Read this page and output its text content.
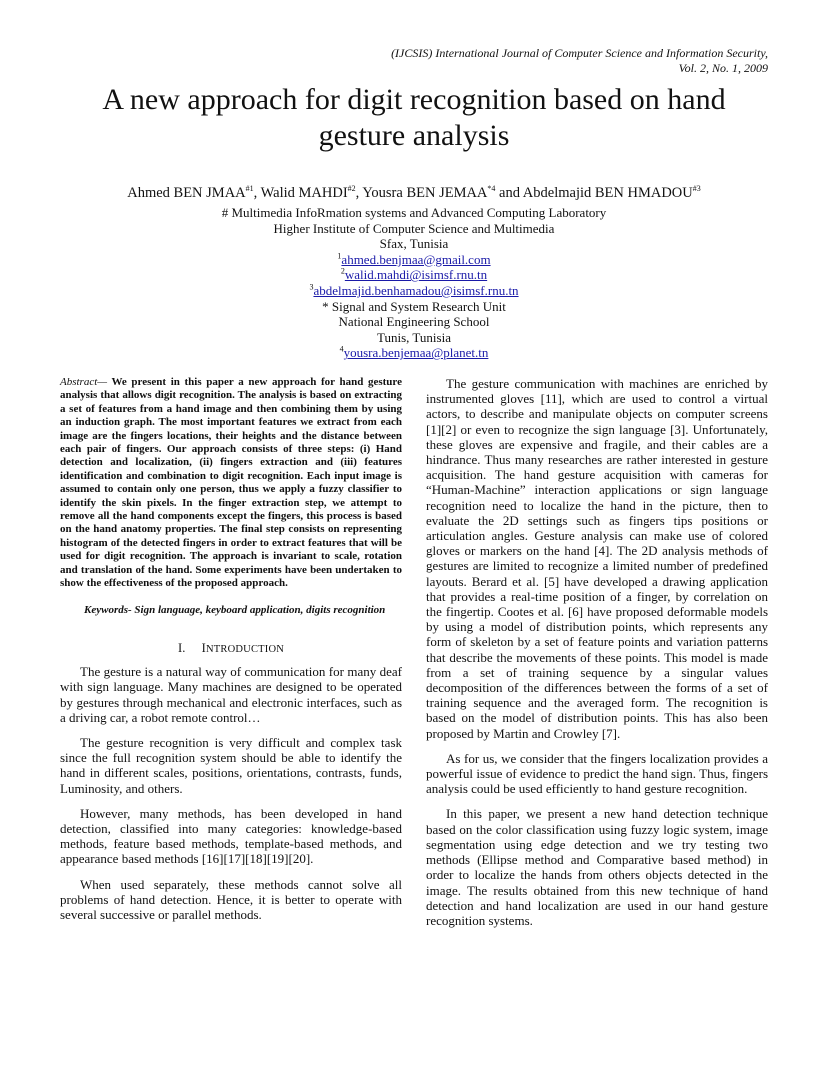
(IJCSIS) International Journal of Computer Science and Information Security,
Vol. 2, No. 1, 2009
A new approach for digit recognition based on hand
gesture analysis
Ahmed BEN JMAA$^{\#1}$, Walid MAHDI$^{\#2}$, Yousra BEN JEMAA$^{*4}$ and Abdelmajid BEN HMADOU$^{\#3}$
# Multimedia InfoRmation systems and Advanced Computing Laboratory
Higher Institute of Computer Science and Multimedia
Sfax, Tunisia
$^1$ahmed.benjmaa@gmail.com
$^2$walid.mahdi@isimsf.rnu.tn
$^3$abdelmajid.benhamadou@isimsf.rnu.tn
* Signal and System Research Unit
National Engineering School
Tunis, Tunisia
$^4$yousra.benjemaa@planet.tn

Abstract— We present in this paper a new approach for hand gesture analysis that allows digit recognition. The analysis is based on extracting a set of features from a hand image and then combining them by using an induction graph. The most important features we extract from each image are the fingers locations, their heights and the distance between each pair of fingers. Our approach consists of three steps: (i) Hand detection and localization, (ii) fingers extraction and (iii) features identification and combination to digit recognition. Each input image is assumed to contain only one person, thus we apply a fuzzy classifier to identify the skin pixels. In the finger extraction step, we attempt to remove all the hand components except the fingers, this process is based on the hand anatomy properties. The final step consists on representing histogram of the detected fingers in order to extract features that will be used for digit recognition. The approach is invariant to scale, rotation and translation of the hand. Some experiments have been undertaken to show the effectiveness of the proposed approach.

Keywords- Sign language, keyboard application, digits recognition

I. INTRODUCTION

The gesture is a natural way of communication for many deaf with sign language. Many machines are designed to be operated by gestures through mechanical and electronic interfaces, such as a driving car, a robot remote control…

The gesture recognition is very difficult and complex task since the full recognition system should be able to identify the hand in different scales, positions, orientations, contrasts, funds, Luminosity, and others.

However, many methods, has been developed in hand detection, classified into many categories: knowledge-based methods, feature based methods, template-based methods, and appearance based methods [16][17][18][19][20].

When used separately, these methods cannot solve all problems of hand detection. Hence, it is better to operate with several successive or parallel methods.

The gesture communication with machines are enriched by instrumented gloves [11], which are used to control a virtual actors, to describe and manipulate objects on computer screens [1][2] or even to recognize the sign language [3]. Unfortunately, these gloves are expensive and fragile, and their cables are a hindrance. Thus many researches are rather interested in gesture acquisition. The hand gesture acquisition with cameras for “Human-Machine” interaction applications or sign language recognition need to localize the hand in the picture, then to evaluate the 2D settings such as fingers tips positions or articulation angles. Gesture analysis can make use of colored gloves or markers on the hand [4]. The 2D analysis methods of gestures are limited to recognize a limited number of predefined layouts. Berard et al. [5] have developed a drawing application that provides a real-time position of a finger, by correlation on the fingertip. Cootes et al. [6] have proposed deformable models by using a model of distribution points, which represents any form of skeleton by a set of feature points and variation patterns that describe the movements of these points. This model is made from a set of training sequence by a singular values decomposition of the differences between the forms of a set of training sequence and the averaged form. The recognition is based on the model of distribution points. This has also been proposed by Martin and Crowley [7].

As for us, we consider that the fingers localization provides a powerful issue of evidence to predict the hand sign. Thus, fingers analysis could be used efficiently to hand gesture recognition.

In this paper, we present a new hand detection technique based on the color classification using fuzzy logic system, image segmentation using edge detection and we try testing two methods (Ellipse method and Comparative based method) in order to localize the hands from others objects detected in the image. The results obtained from this new technique of hand detection and hand localization are used in our hand gesture recognition systems.
